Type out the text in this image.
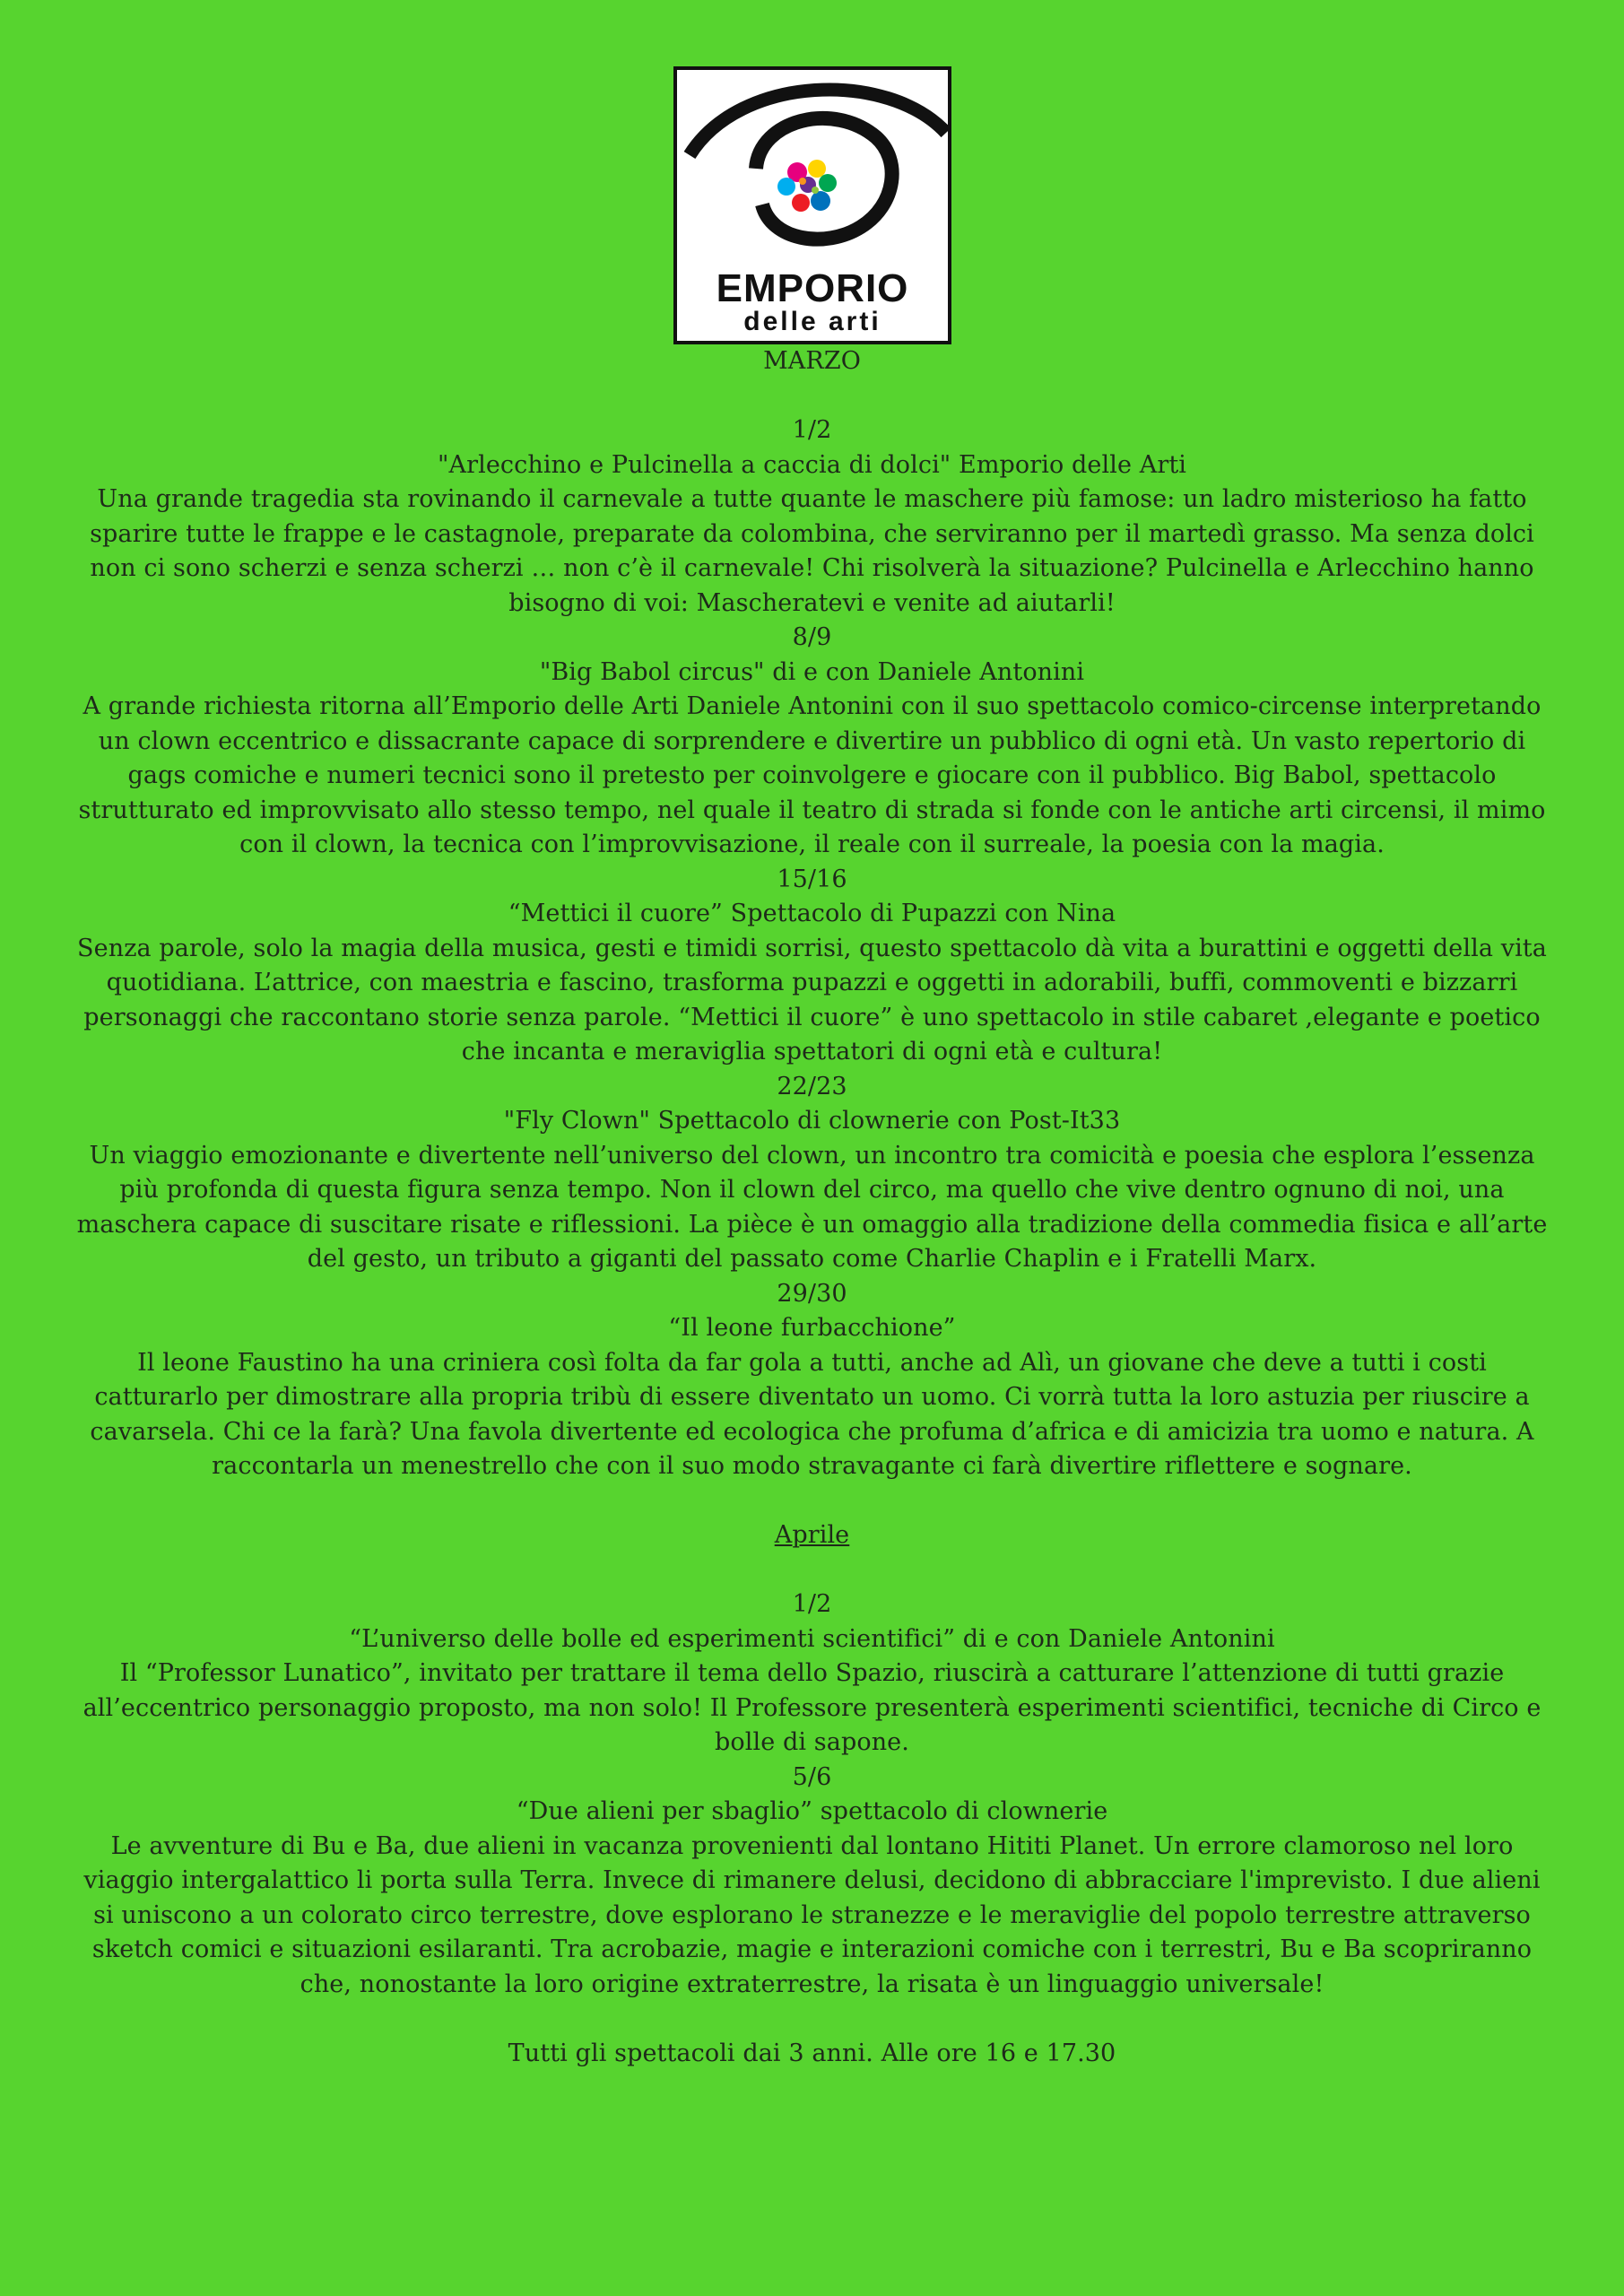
EMPORIO
delle arti

MARZO

1/2

"Arlecchino e Pulcinella a caccia di dolci" Emporio delle Arti

Una grande tragedia sta rovinando il carnevale a tutte quante le maschere più famose: un ladro misterioso ha fatto sparire tutte le frappe e le castagnole, preparate da colombina, che serviranno per il martedì grasso. Ma senza dolci non ci sono scherzi e senza scherzi … non c’è il carnevale! Chi risolverà la situazione? Pulcinella e Arlecchino hanno bisogno di voi: Mascheratevi e venite ad aiutarli!

8/9

"Big Babol circus" di e con Daniele Antonini

A grande richiesta ritorna all’Emporio delle Arti Daniele Antonini con il suo spettacolo comico-circense interpretando un clown eccentrico e dissacrante capace di sorprendere e divertire un pubblico di ogni età. Un vasto repertorio di gags comiche e numeri tecnici sono il pretesto per coinvolgere e giocare con il pubblico. Big Babol, spettacolo strutturato ed improvvisato allo stesso tempo, nel quale il teatro di strada si fonde con le antiche arti circensi, il mimo con il clown, la tecnica con l’improvvisazione, il reale con il surreale, la poesia con la magia.

15/16

“Mettici il cuore” Spettacolo di Pupazzi con Nina

Senza parole, solo la magia della musica, gesti e timidi sorrisi, questo spettacolo dà vita a burattini e oggetti della vita quotidiana. L’attrice, con maestria e fascino, trasforma pupazzi e oggetti in adorabili, buffi, commoventi e bizzarri personaggi che raccontano storie senza parole. “Mettici il cuore” è uno spettacolo in stile cabaret ,elegante e poetico che incanta e meraviglia spettatori di ogni età e cultura!

22/23

"Fly Clown" Spettacolo di clownerie con Post-It33

Un viaggio emozionante e divertente nell’universo del clown, un incontro tra comicità e poesia che esplora l’essenza più profonda di questa figura senza tempo. Non il clown del circo, ma quello che vive dentro ognuno di noi, una maschera capace di suscitare risate e riflessioni. La pièce è un omaggio alla tradizione della commedia fisica e all’arte del gesto, un tributo a giganti del passato come Charlie Chaplin e i Fratelli Marx.

29/30

“Il leone furbacchione”

Il leone Faustino ha una criniera così folta da far gola a tutti, anche ad Alì, un giovane che deve a tutti i costi catturarlo per dimostrare alla propria tribù di essere diventato un uomo. Ci vorrà tutta la loro astuzia per riuscire a cavarsela. Chi ce la farà? Una favola divertente ed ecologica che profuma d’africa e di amicizia tra uomo e natura. A raccontarla un menestrello che con il suo modo stravagante ci farà divertire riflettere e sognare.

Aprile

1/2

“L’universo delle bolle ed esperimenti scientifici” di e con Daniele Antonini

Il “Professor Lunatico”, invitato per trattare il tema dello Spazio, riuscirà a catturare l’attenzione di tutti grazie all’eccentrico personaggio proposto, ma non solo! Il Professore presenterà esperimenti scientifici, tecniche di Circo e bolle di sapone.

5/6

“Due alieni per sbaglio” spettacolo di clownerie

Le avventure di Bu e Ba, due alieni in vacanza provenienti dal lontano Hititi Planet. Un errore clamoroso nel loro viaggio intergalattico li porta sulla Terra. Invece di rimanere delusi, decidono di abbracciare l'imprevisto. I due alieni si uniscono a un colorato circo terrestre, dove esplorano le stranezze e le meraviglie del popolo terrestre attraverso sketch comici e situazioni esilaranti. Tra acrobazie, magie e interazioni comiche con i terrestri, Bu e Ba scopriranno che, nonostante la loro origine extraterrestre, la risata è un linguaggio universale!

Tutti gli spettacoli dai 3 anni. Alle ore 16 e 17.30
